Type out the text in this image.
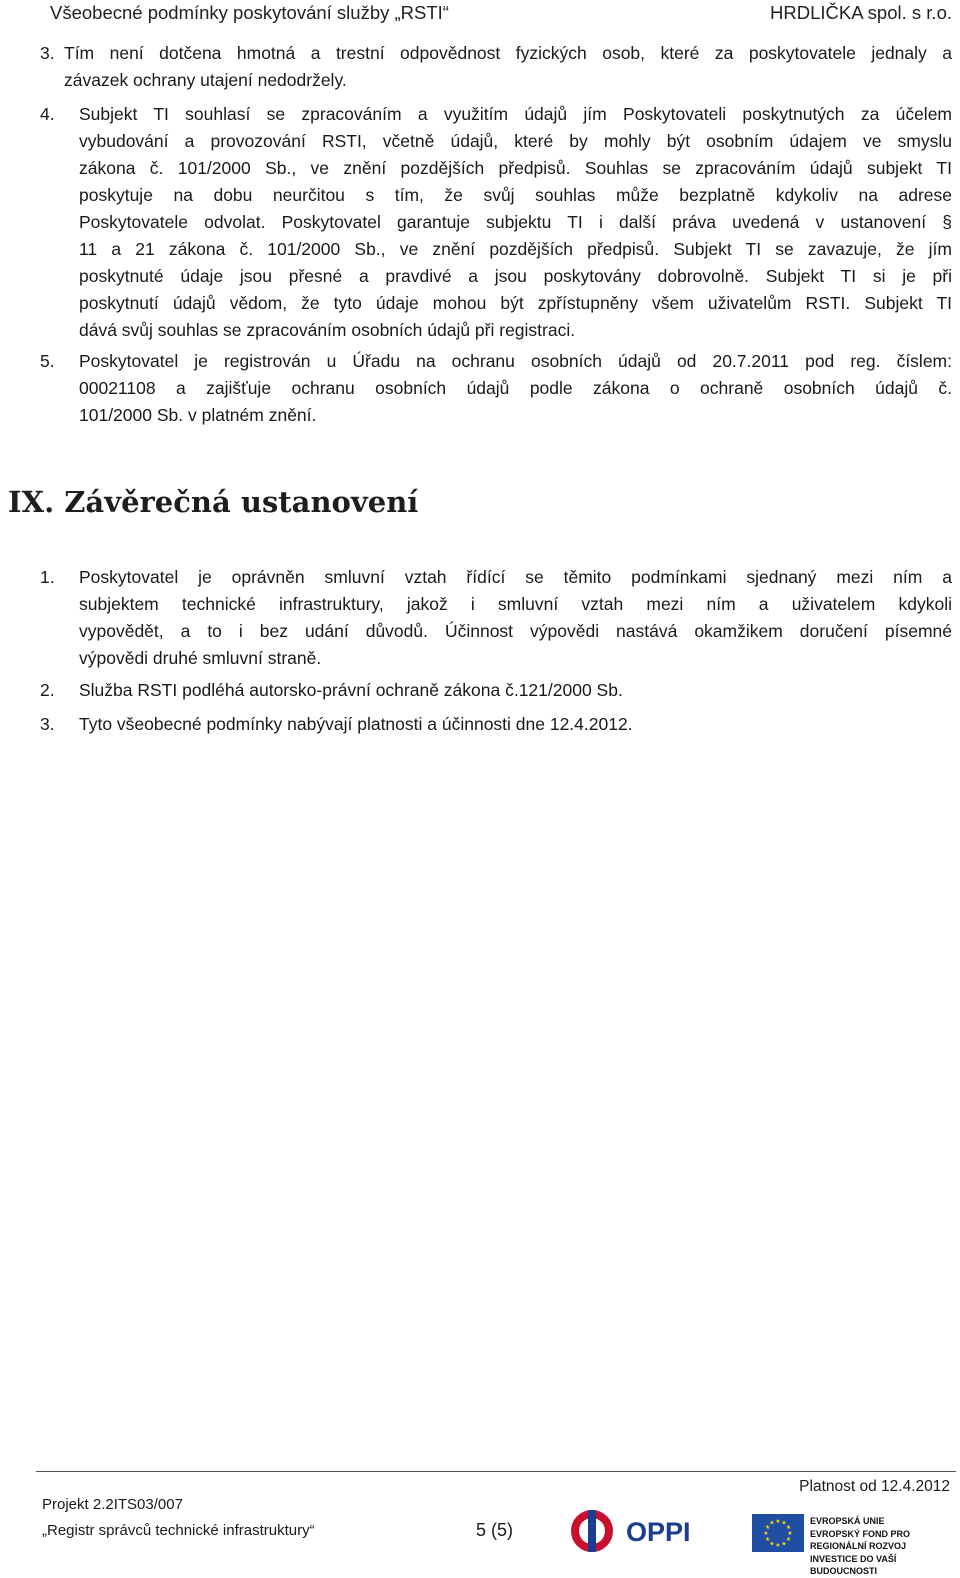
Všeobecné podmínky poskytování služby „RSTI“	HRDLIČKA spol. s r.o.
3. Tím není dotčena hmotná a trestní odpovědnost fyzických osob, které za poskytovatele jednaly a
závazek ochrany utajení nedodržely.
4. Subjekt TI souhlasí se zpracováním a využitím údajů jím Poskytovateli poskytnutých za účelem
vybudování a provozování RSTI, včetně údajů, které by mohly být osobním údajem ve smyslu
zákona č. 101/2000 Sb., ve znění pozdějších předpisů. Souhlas se zpracováním údajů subjekt TI
poskytuje na dobu neurčitou s tím, že svůj souhlas může bezplatně kdykoliv na adrese
Poskytovatele odvolat. Poskytovatel garantuje subjektu TI i další práva uvedená v ustanovení §
11 a 21 zákona č. 101/2000 Sb., ve znění pozdějších předpisů. Subjekt TI se zavazuje, že jím
poskytnuté údaje jsou přesné a pravdivé a jsou poskytovány dobrovolně. Subjekt TI si je při
poskytnutí údajů vědom, že tyto údaje mohou být zpřístupněny všem uživatelům RSTI. Subjekt TI
dává svůj souhlas se zpracováním osobních údajů při registraci.
5. Poskytovatel je registrován u Úřadu na ochranu osobních údajů od 20.7.2011 pod reg. číslem:
00021108 a zajišťuje ochranu osobních údajů podle zákona o ochraně osobních údajů č.
101/2000 Sb. v platném znění.
IX. Závěrečná ustanovení
1. Poskytovatel je oprávněn smluvní vztah řídící se těmito podmínkami sjednaný mezi ním a
subjektem technické infrastruktury, jakož i smluvní vztah mezi ním a uživatelem kdykoli
vypovědět, a to i bez udání důvodů. Účinnost výpovědi nastává okamžikem doručení písemné
výpovědi druhé smluvní straně.
2. Služba RSTI podléhá autorsko-právní ochraně zákona č.121/2000 Sb.
3. Tyto všeobecné podmínky nabývají platnosti a účinnosti dne 12.4.2012.
Platnost od 12.4.2012
Projekt 2.2ITS03/007
„Registr správců technické infrastruktury“	5 (5)	OPPI	★ ★
★
★
★
★
★
★
★
★
★
★	EVROPSKÁ UNIE
EVROPSKÝ FOND PRO REGIONÁLNÍ ROZVOJ
INVESTICE DO VAŠÍ BUDOUCNOSTI
